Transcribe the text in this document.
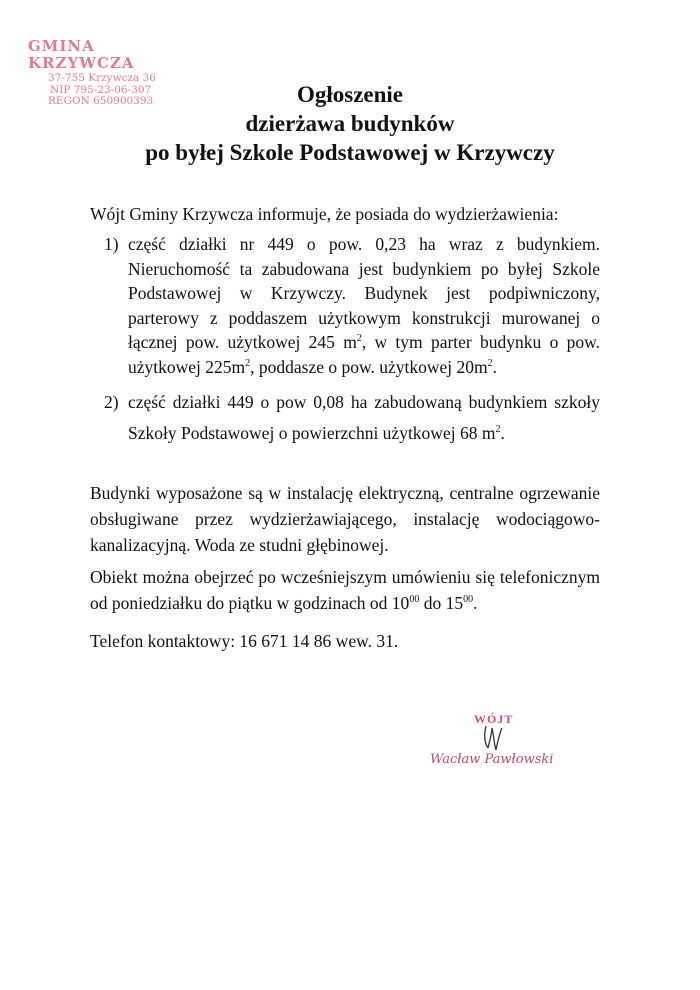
GMINA KRZYWCZA
37-755 Krzywcza 36
NIP 795-23-06-307
REGON 650900393	Ogłoszenie
dzierżawa budynków
po byłej Szkole Podstawowej w Krzywczy

Wójt Gminy Krzywcza informuje, że posiada do wydzierżawienia:

1) część działki nr 449 o pow. 0,23 ha wraz z budynkiem. Nieruchomość ta zabudowana jest budynkiem po byłej Szkole Podstawowej w Krzywczy. Budynek jest podpiwniczony, parterowy z poddaszem użytkowym konstrukcji murowanej o łącznej pow. użytkowej 245 $m^2$, w tym parter budynku o pow. użytkowej $225m^2$, poddasze o pow. użytkowej $20m^2$.
2) część działki 449 o pow 0,08 ha zabudowaną budynkiem szkoły Szkoły Podstawowej o powierzchni użytkowej 68 $m^2$.

Budynki wyposażone są w instalację elektryczną, centralne ogrzewanie obsługiwane przez wydzierżawiającego, instalację wodociągowo- kanalizacyjną. Woda ze studni głębinowej.

Obiekt można obejrzeć po wcześniejszym umówieniu się telefonicznym od poniedziałku do piątku w godzinach od $10^{00}$ do $15^{00}$.

Telefon kontaktowy: 16 671 14 86 wew. 31.

WÓJT
Wacław Pawłowski
